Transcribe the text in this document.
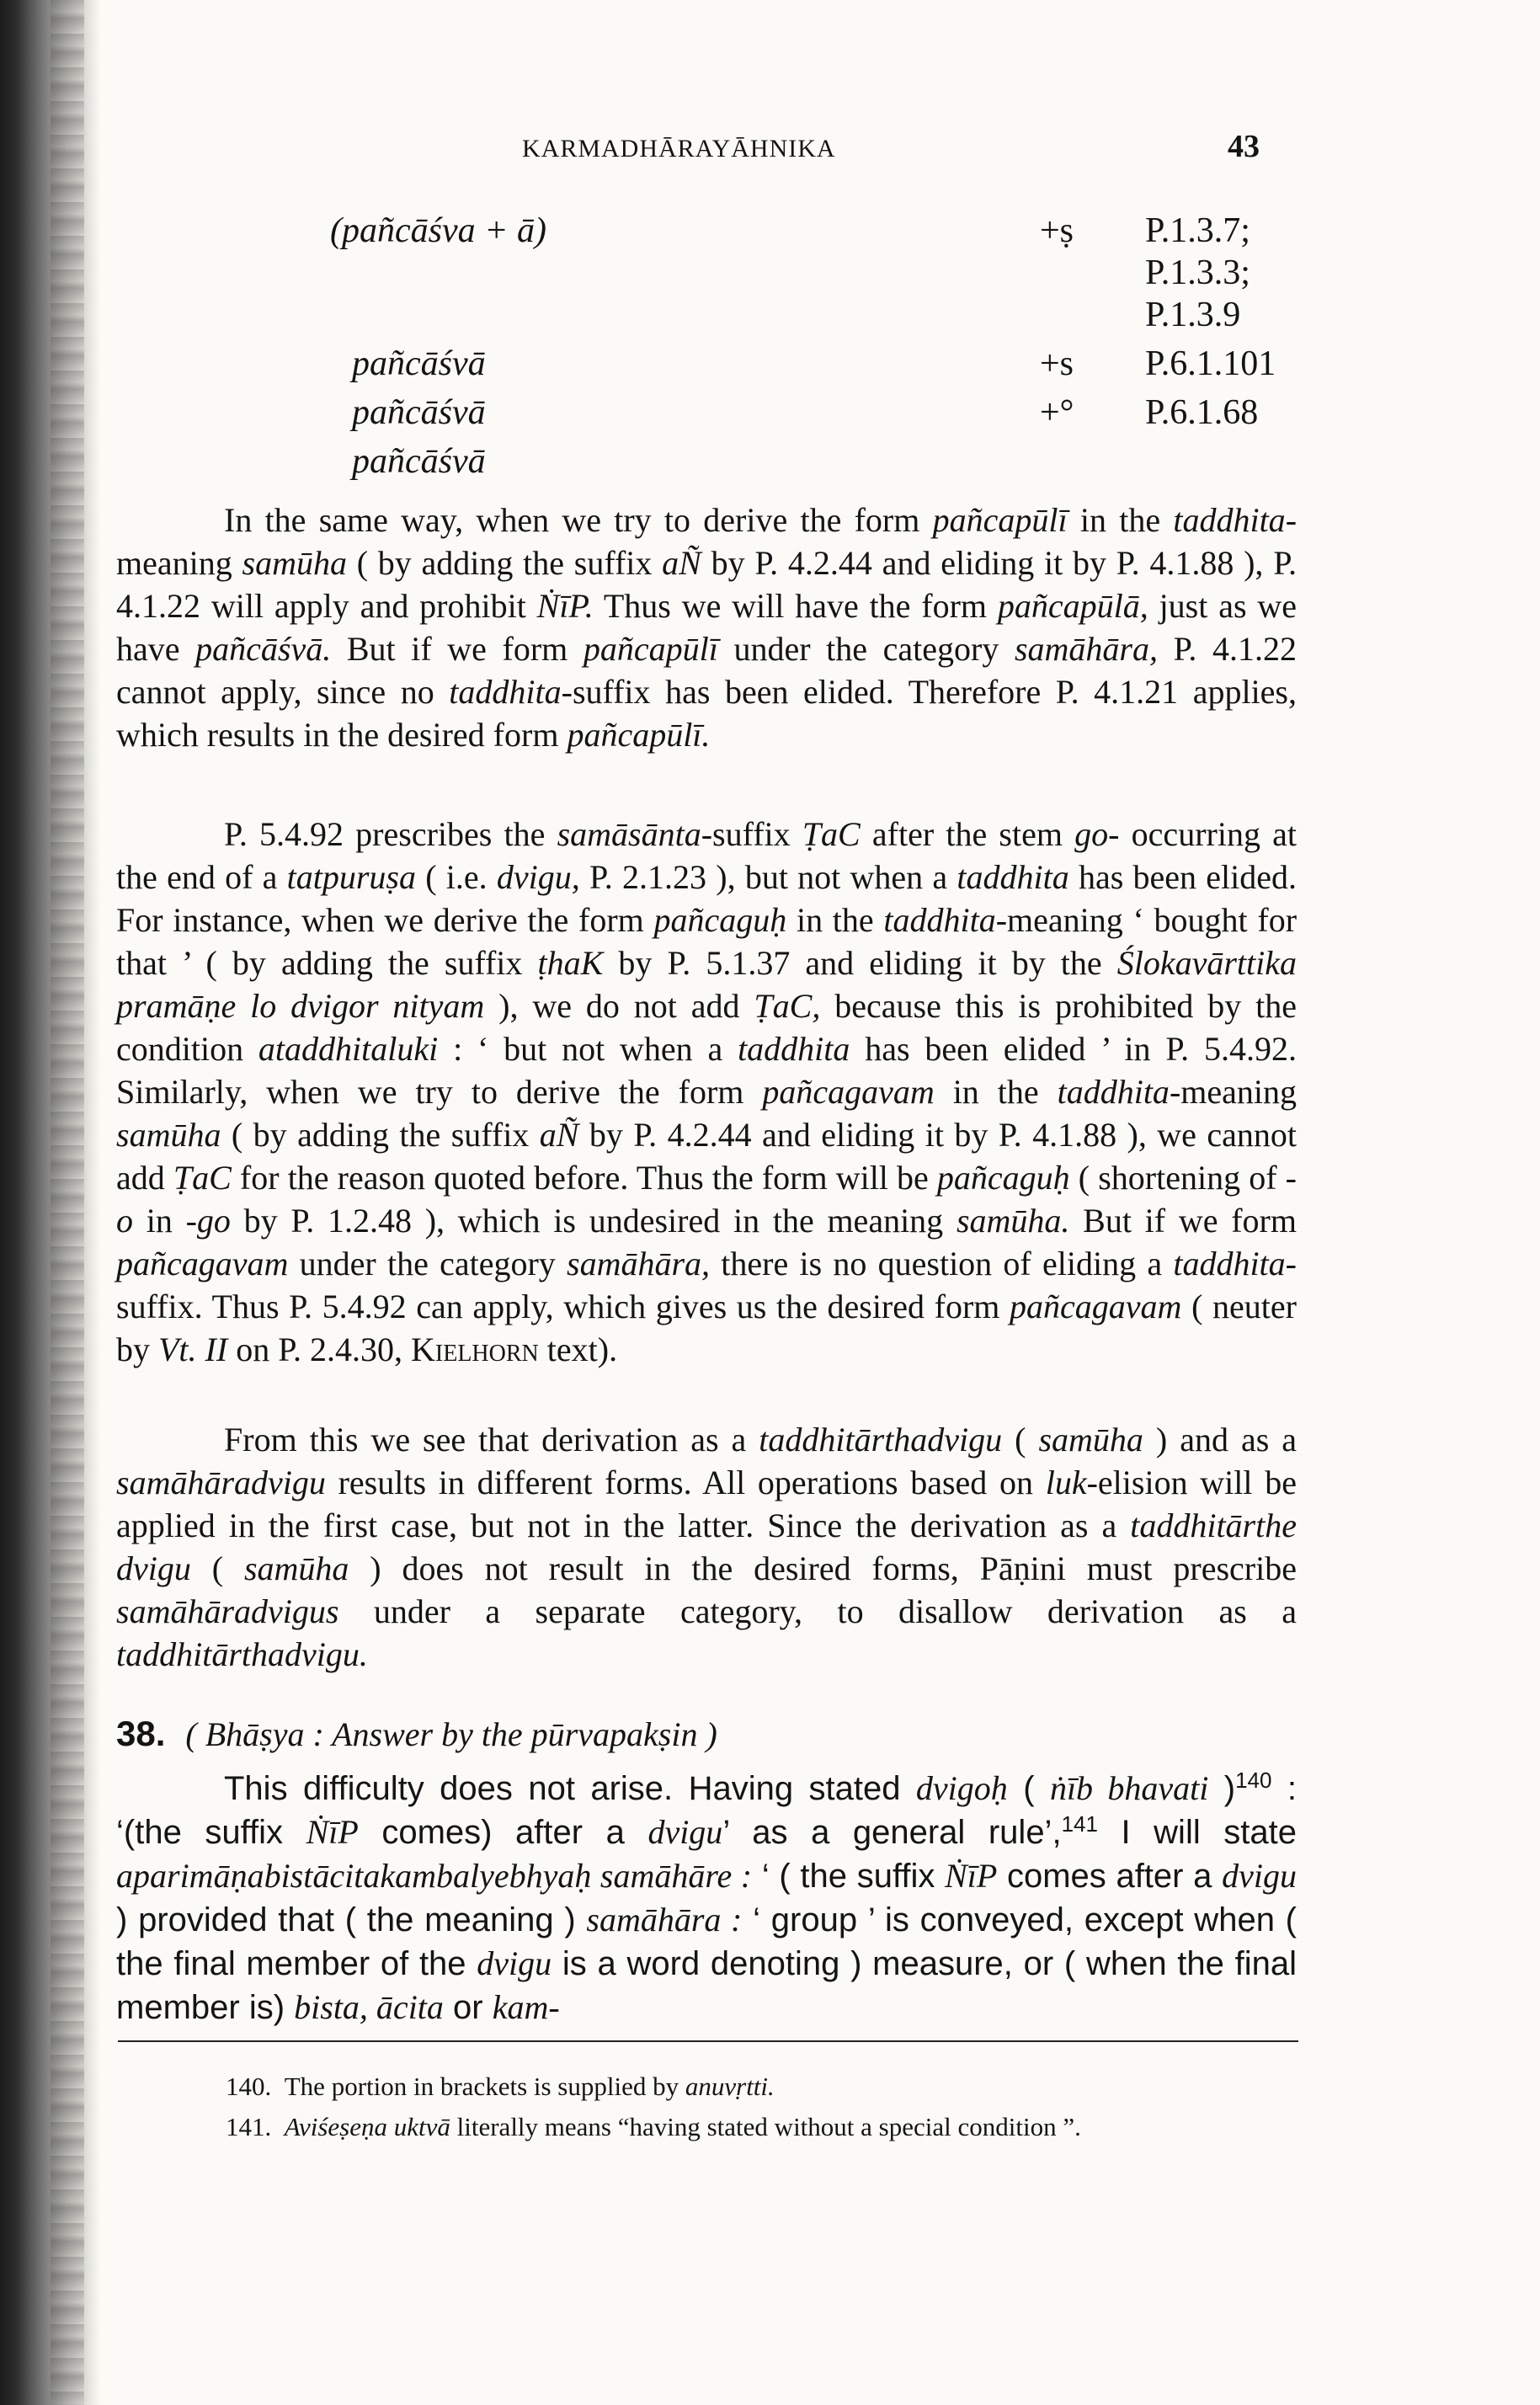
KARMADHĀRAYĀHNIKA	43
(pañcāśva + ā)	+ṣ P.1.3.7;
P.1.3.3;
P.1.3.9
pañcāśvā	+s P.6.1.101
pañcāśvā	+° P.6.1.68
pañcāśvā

In the same way, when we try to derive the form pañcapūlī in the taddhita-meaning samūha ( by adding the suffix aÑ by P. 4.2.44 and eliding it by P. 4.1.88 ), P. 4.1.22 will apply and prohibit ṄīP. Thus we will have the form pañcapūlā, just as we have pañcāśvā. But if we form pañcapūlī under the category samāhāra, P. 4.1.22 cannot apply, since no taddhita-suffix has been elided. Therefore P. 4.1.21 applies, which results in the desired form pañcapūlī.

P. 5.4.92 prescribes the samāsānta-suffix ṬaC after the stem go- occurring at the end of a tatpuruṣa ( i.e. dvigu, P. 2.1.23 ), but not when a taddhita has been elided. For instance, when we derive the form pañcaguḥ in the taddhita-meaning ‘ bought for that ’ ( by adding the suffix ṭhaK by P. 5.1.37 and eliding it by the Ślokavārttika pramāṇe lo dvigor nityam ), we do not add ṬaC, because this is prohibited by the condition ataddhitaluki : ‘ but not when a taddhita has been elided ’ in P. 5.4.92. Similarly, when we try to derive the form pañcagavam in the taddhita-meaning samūha ( by adding the suffix aÑ by P. 4.2.44 and eliding it by P. 4.1.88 ), we cannot add ṬaC for the reason quoted before. Thus the form will be pañcaguḥ ( shortening of -o in -go by P. 1.2.48 ), which is undesired in the meaning samūha. But if we form pañcagavam under the category samāhāra, there is no question of eliding a taddhita-suffix. Thus P. 5.4.92 can apply, which gives us the desired form pañcagavam ( neuter by Vt. II on P. 2.4.30, Kielhorn text).

From this we see that derivation as a taddhitārthadvigu ( samūha ) and as a samāhāradvigu results in different forms. All operations based on luk-elision will be applied in the first case, but not in the latter. Since the derivation as a taddhitārthe dvigu ( samūha ) does not result in the desired forms, Pāṇini must prescribe samāhāradvigus under a separate category, to disallow derivation as a taddhitārthadvigu.

38. ( Bhāṣya : Answer by the pūrvapakṣin )

This difficulty does not arise. Having stated dvigoḥ ( ṅīb bhavati )$^{140}$ : ‘(the suffix ṄīP comes) after a dvigu’ as a general rule’,$^{141}$ I will state aparimāṇabistācitakambalyebhyaḥ samāhāre : ‘ ( the suffix ṄīP comes after a dvigu ) provided that ( the meaning ) samāhāra : ‘ group ’ is conveyed, except when ( the final member of the dvigu is a word denoting ) measure, or ( when the final member is) bista, ācita or kam-

140. The portion in brackets is supplied by anuvṛtti.
141. Aviśeṣeṇa uktvā literally means “having stated without a special condition ”.
